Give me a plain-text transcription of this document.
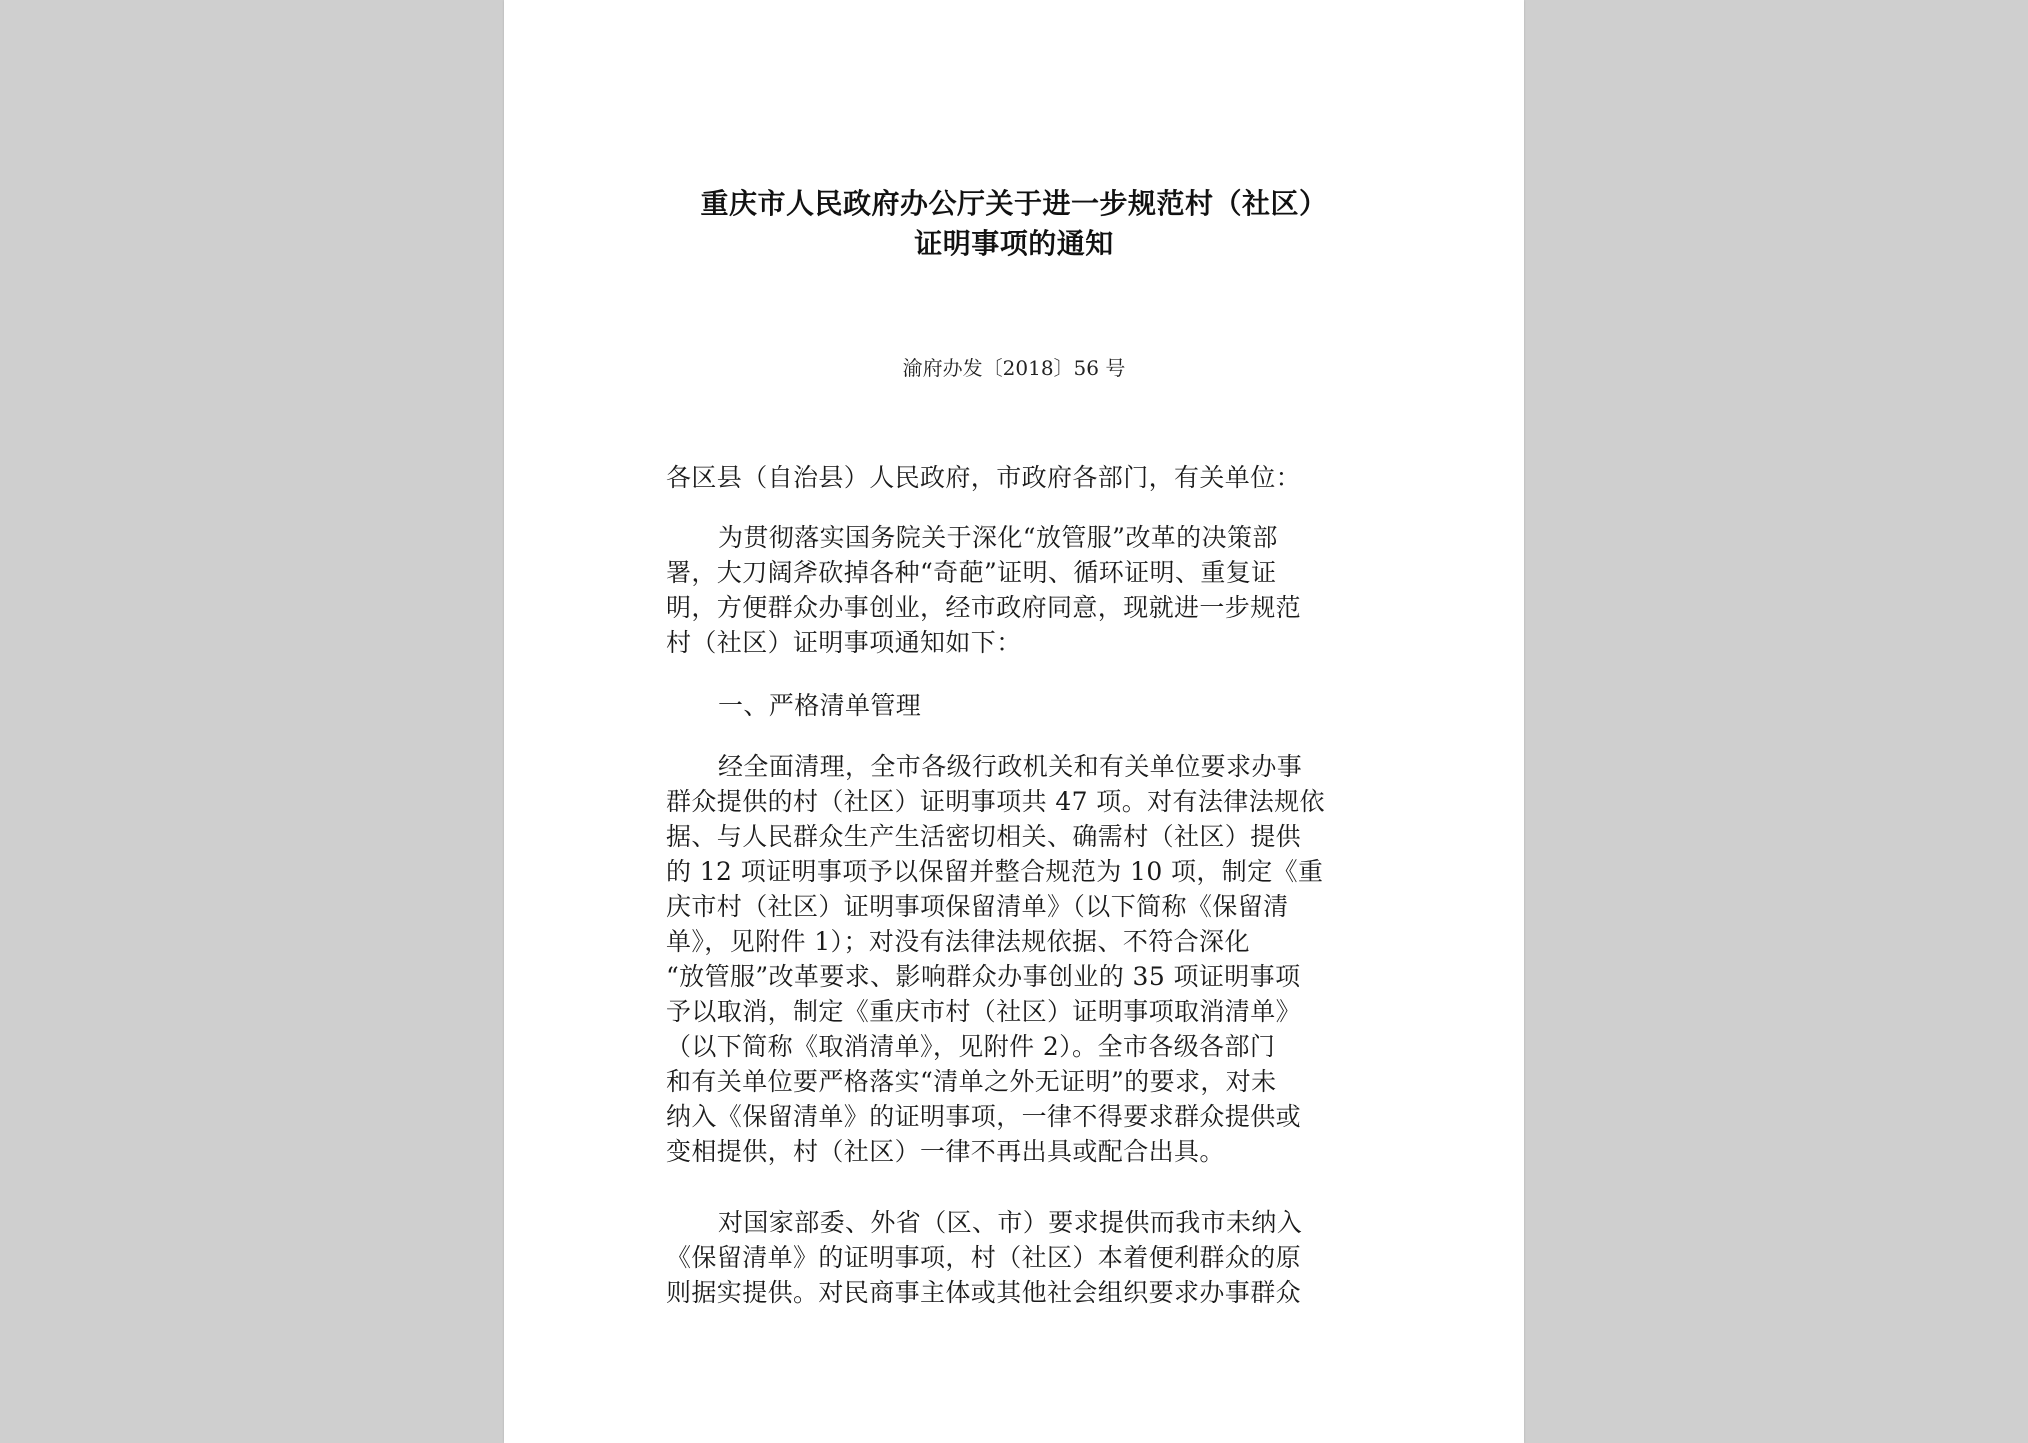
重庆市人民政府办公厅关于进一步规范村（社区）
证明事项的通知
渝府办发〔2018〕56 号
各区县（自治县）人民政府，市政府各部门，有关单位：
为贯彻落实国务院关于深化“放管服”改革的决策部
署，大刀阔斧砍掉各种“奇葩”证明、循环证明、重复证
明，方便群众办事创业，经市政府同意，现就进一步规范
村（社区）证明事项通知如下：
一、严格清单管理
经全面清理，全市各级行政机关和有关单位要求办事
群众提供的村（社区）证明事项共 47 项。对有法律法规依
据、与人民群众生产生活密切相关、确需村（社区）提供
的 12 项证明事项予以保留并整合规范为 10 项，制定《重
庆市村（社区）证明事项保留清单》（以下简称《保留清
单》，见附件 1）；对没有法律法规依据、不符合深化
“放管服”改革要求、影响群众办事创业的 35 项证明事项
予以取消，制定《重庆市村（社区）证明事项取消清单》
（以下简称《取消清单》，见附件 2）。全市各级各部门
和有关单位要严格落实“清单之外无证明”的要求，对未
纳入《保留清单》的证明事项，一律不得要求群众提供或
变相提供，村（社区）一律不再出具或配合出具。
对国家部委、外省（区、市）要求提供而我市未纳入
《保留清单》的证明事项，村（社区）本着便利群众的原
则据实提供。对民商事主体或其他社会组织要求办事群众
